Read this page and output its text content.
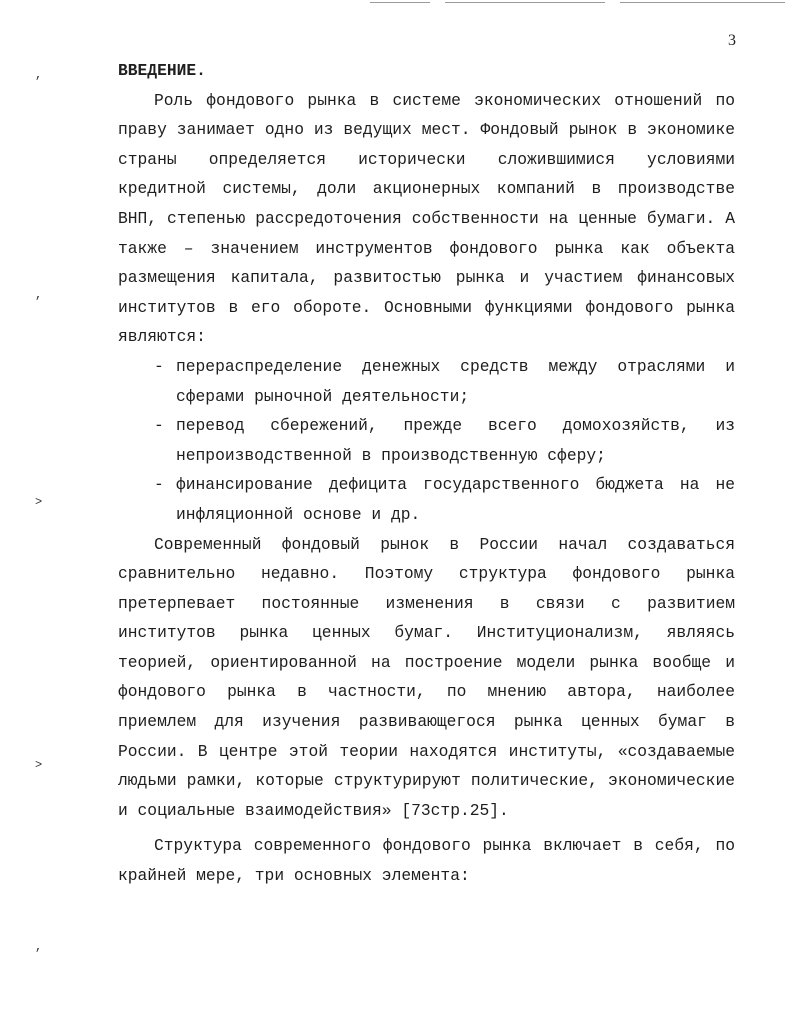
,
,
>
>
,
3

ВВЕДЕНИЕ.

Роль фондового рынка в системе экономических отношений по праву занимает одно из ведущих мест. Фондовый рынок в экономике страны определяется исторически сложившимися условиями кредитной системы, доли акционерных компаний в производстве ВНП, степенью рассредоточения собственности на ценные бумаги. А также – значением инструментов фондового рынка как объекта размещения капитала, развитостью рынка и участием финансовых институтов в его обороте. Основными функциями фондового рынка являются:

- перераспределение денежных средств между отраслями и сферами рыночной деятельности;
- перевод сбережений, прежде всего домохозяйств, из непроизводственной в производственную сферу;
- финансирование дефицита государственного бюджета на не инфляционной основе и др.

Современный фондовый рынок в России начал создаваться сравнительно недавно. Поэтому структура фондового рынка претерпевает постоянные изменения в связи с развитием институтов рынка ценных бумаг. Институционализм, являясь теорией, ориентированной на построение модели рынка вообще и фондового рынка в частности, по мнению автора, наиболее приемлем для изучения развивающегося рынка ценных бумаг в России. В центре этой теории находятся институты, «создаваемые людьми рамки, которые структурируют политические, экономические и социальные взаимодействия» [73стр.25].

Структура современного фондового рынка включает в себя, по крайней мере, три основных элемента:
